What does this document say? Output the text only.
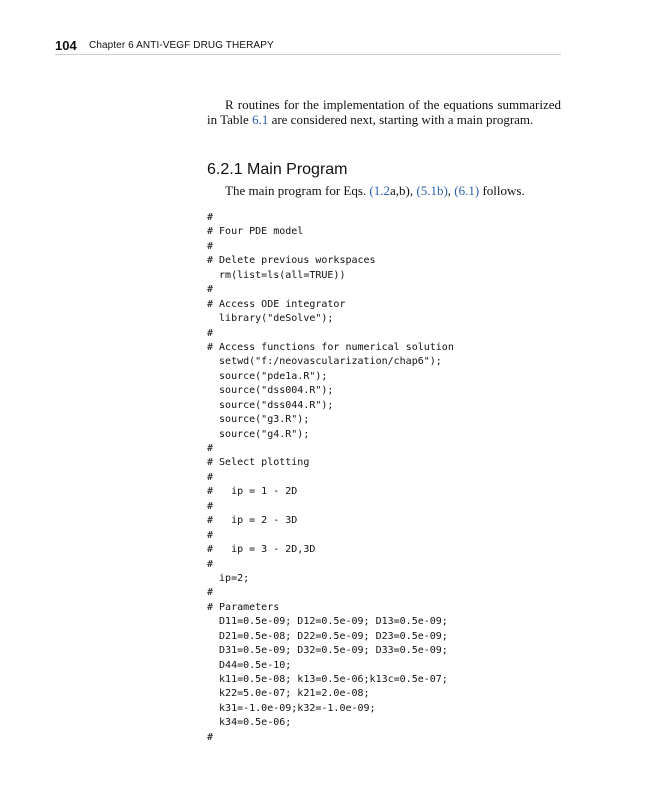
104 Chapter 6 ANTI-VEGF DRUG THERAPY

R routines for the implementation of the equations summarized in Table 6.1 are considered next, starting with a main program.

6.2.1 Main Program

The main program for Eqs. (1.2a,b), (5.1b), (6.1) follows.

#
# Four PDE model
#
# Delete previous workspaces
rm(list=ls(all=TRUE))
#
# Access ODE integrator
library("deSolve");
#
# Access functions for numerical solution
setwd("f:/neovascularization/chap6");
source("pde1a.R");
source("dss004.R");
source("dss044.R");
source("g3.R");
source("g4.R");
#
# Select plotting
#
#   ip = 1 - 2D
#
#   ip = 2 - 3D
#
#   ip = 3 - 2D,3D
#
ip=2;
#
# Parameters
D11=0.5e-09; D12=0.5e-09; D13=0.5e-09;
D21=0.5e-08; D22=0.5e-09; D23=0.5e-09;
D31=0.5e-09; D32=0.5e-09; D33=0.5e-09;
D44=0.5e-10;
k11=0.5e-08; k13=0.5e-06;k13c=0.5e-07;
k22=5.0e-07; k21=2.0e-08;
k31=-1.0e-09;k32=-1.0e-09;
k34=0.5e-06;
#
